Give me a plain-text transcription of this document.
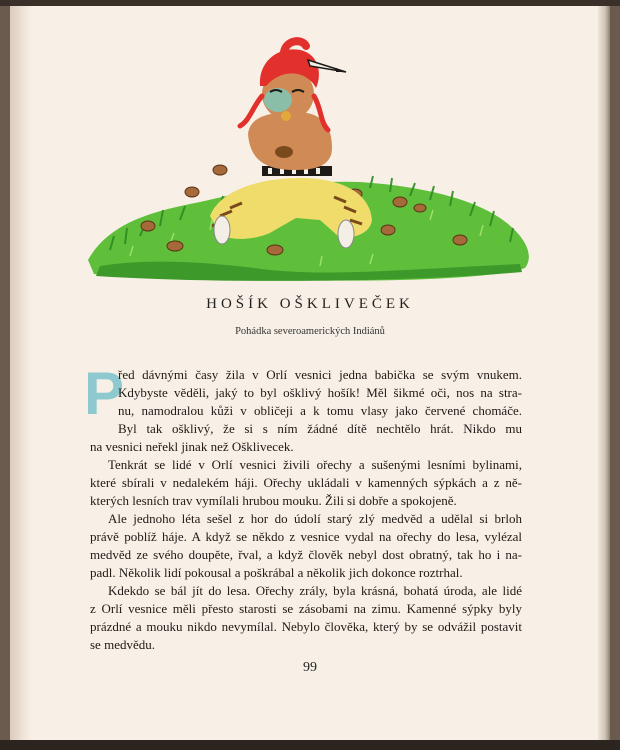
HOŠÍK OŠKLIVEČEK
Pohádka severoamerických Indiánů
P
řed dávnými časy žila v Orlí vesnici jedna babička se svým vnukem.
Kdybyste věděli, jaký to byl ošklivý hošík! Měl šikmé oči, nos na stra-
nu, namodralou kůži v obličeji a k tomu vlasy jako červené chomáče.
Byl tak ošklivý, že si s ním žádné dítě nechtělo hrát. Nikdo mu
na vesnici neřekl jinak než Ošklivecek.
Tenkrát se lidé v Orlí vesnici živili ořechy a sušenými lesními bylinami,
které sbírali v nedalekém háji. Ořechy ukládali v kamenných sýpkách a z ně-
kterých lesních trav vymílali hrubou mouku. Žili si dobře a spokojeně.
Ale jednoho léta sešel z hor do údolí starý zlý medvěd a udělal si brloh
právě poblíž háje. A když se někdo z vesnice vydal na ořechy do lesa, vylézal
medvěd ze svého doupěte, řval, a když člověk nebyl dost obratný, tak ho i na-
padl. Několik lidí pokousal a poškrábal a několik jich dokonce roztrhal.
Kdekdo se bál jít do lesa. Ořechy zrály, byla krásná, bohatá úroda, ale lidé
z Orlí vesnice měli přesto starosti se zásobami na zimu. Kamenné sýpky byly
prázdné a mouku nikdo nevymílal. Nebylo člověka, který by se odvážil postavit
se medvědu.
99
